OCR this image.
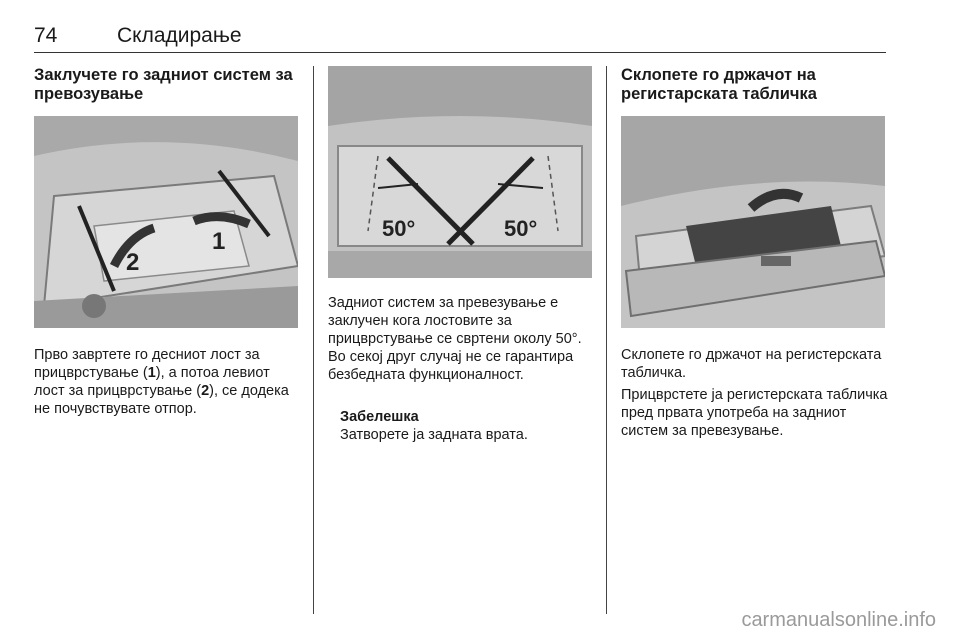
74	Складирање
Заклучете го задниот систем за превозување
1
2

Прво завртете го десниот лост за прицврстување (1), а потоа левиот лост за прицврстување (2), се додека не почувствувате отпор.

50°	50°

Задниот систем за превезување е заклучен кога лостовите за прицврстување се свртени околу 50°. Во секој друг случај не се гарантира безбедната функционалност.

Забелешка

Затворете ја задната врата.

Склопете го држачот на регистарската табличка

Склопете го држачот на регистерската табличка.

Прицврстете ја регистерската табличка пред првата употреба на задниот систем за превезување.

carmanualsonline.info
